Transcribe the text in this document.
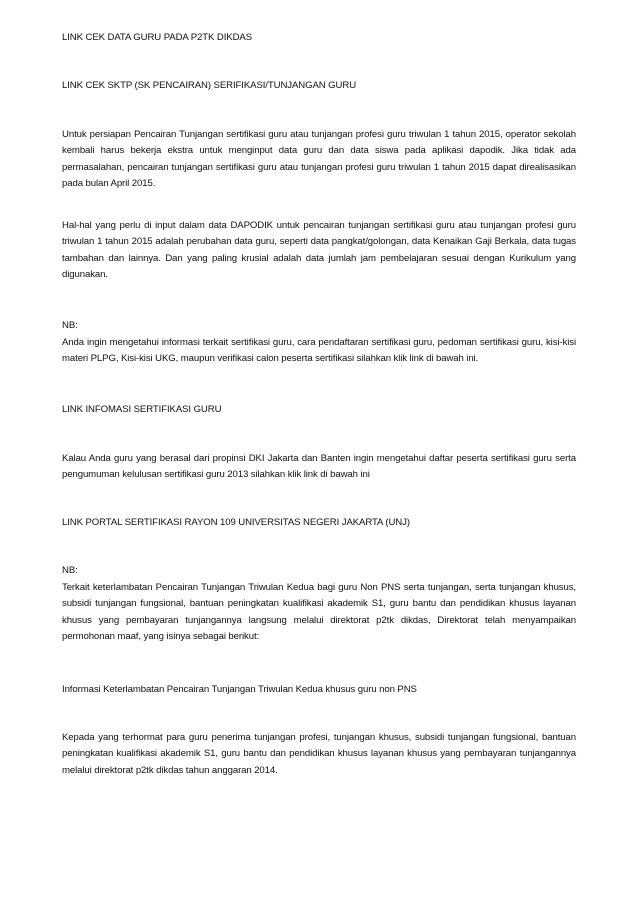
LINK CEK DATA GURU PADA P2TK DIKDAS
LINK CEK SKTP (SK PENCAIRAN) SERIFIKASI/TUNJANGAN GURU

Untuk persiapan Pencairan Tunjangan sertifikasi guru atau tunjangan profesi guru triwulan 1 tahun 2015, operator sekolah kembali harus bekerja ekstra untuk menginput data guru dan data siswa pada aplikasi dapodik. Jika tidak ada permasalahan, pencairan tunjangan sertifikasi guru atau tunjangan profesi guru triwulan 1 tahun 2015 dapat direalisasikan pada bulan April 2015.

Hal-hal yang perlu di input dalam data DAPODIK untuk pencairan tunjangan sertifikasi guru atau tunjangan profesi guru triwulan 1 tahun 2015 adalah perubahan data guru, seperti data pangkat/golongan, data Kenaikan Gaji Berkala, data tugas tambahan dan lainnya. Dan yang paling krusial adalah data jumlah jam pembelajaran sesuai dengan Kurikulum yang digunakan.

NB:

Anda ingin mengetahui informasi terkait sertifikasi guru, cara pendaftaran sertifikasi guru, pedoman sertifikasi guru, kisi-kisi materi PLPG, Kisi-kisi UKG, maupun verifikasi calon peserta sertifikasi silahkan klik link di bawah ini.

LINK INFOMASI SERTIFIKASI GURU

Kalau Anda guru yang berasal dari propinsi DKI Jakarta dan Banten ingin mengetahui daftar peserta sertifikasi guru serta pengumuman kelulusan sertifikasi guru 2013 silahkan klik link di bawah ini

LINK PORTAL SERTIFIKASI RAYON 109 UNIVERSITAS NEGERI JAKARTA (UNJ)

NB:

Terkait keterlambatan Pencairan Tunjangan Triwulan Kedua bagi guru Non PNS serta tunjangan, serta tunjangan khusus, subsidi tunjangan fungsional, bantuan peningkatan kualifikasi akademik S1, guru bantu dan pendidikan khusus layanan khusus yang pembayaran tunjangannya langsung melalui direktorat p2tk dikdas, Direktorat telah menyampaikan permohonan maaf, yang isinya sebagai berikut:

Informasi Keterlambatan Pencairan Tunjangan Triwulan Kedua khusus guru non PNS

Kepada yang terhormat para guru penerima tunjangan profesi, tunjangan khusus, subsidi tunjangan fungsional, bantuan peningkatan kualifikasi akademik S1, guru bantu dan pendidikan khusus layanan khusus yang pembayaran tunjangannya melalui direktorat p2tk dikdas tahun anggaran 2014.
